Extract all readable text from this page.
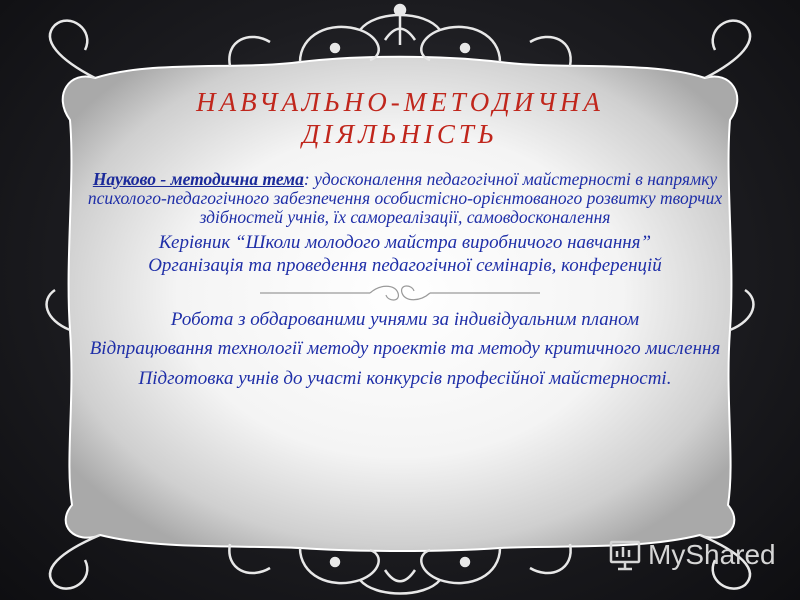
НАВЧАЛЬНО-МЕТОДИЧНА
ДІЯЛЬНІСТЬ

Науково - методична тема: удосконалення педагогічної майстерності в напрямку психолого-педагогічного забезпечення особистісно-орієнтованого розвитку творчих здібностей учнів, їх самореалізації, самовдосконалення

Керівник “Школи молодого майстра виробничого навчання”

Організація та проведення педагогічної семінарів, конференцій

Робота з обдарованими учнями за індивідуальним планом

Відпрацювання технології методу проектів та методу критичного мислення

Підготовка учнів до участі конкурсів професійної майстерності.

MyShared
